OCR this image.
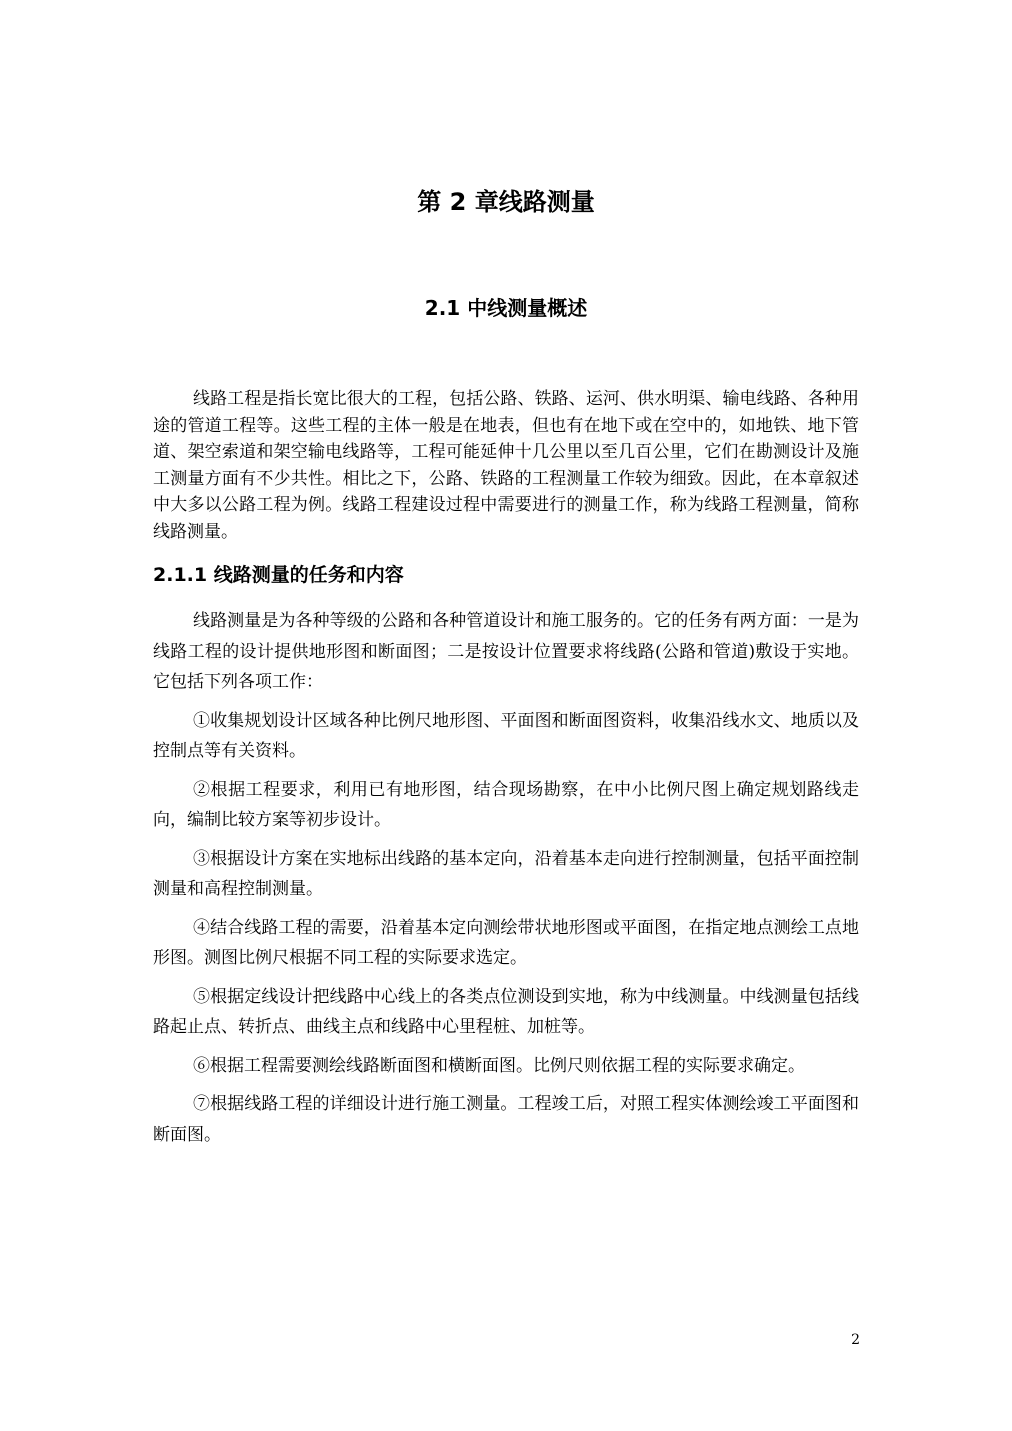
第 2 章线路测量
2.1 中线测量概述

线路工程是指长宽比很大的工程，包括公路、铁路、运河、供水明渠、输电线路、各种用途的管道工程等。这些工程的主体一般是在地表，但也有在地下或在空中的，如地铁、地下管道、架空索道和架空输电线路等，工程可能延伸十几公里以至几百公里，它们在勘测设计及施工测量方面有不少共性。相比之下，公路、铁路的工程测量工作较为细致。因此，在本章叙述中大多以公路工程为例。线路工程建设过程中需要进行的测量工作，称为线路工程测量，简称线路测量。

2.1.1 线路测量的任务和内容

线路测量是为各种等级的公路和各种管道设计和施工服务的。它的任务有两方面：一是为线路工程的设计提供地形图和断面图；二是按设计位置要求将线路(公路和管道)敷设于实地。它包括下列各项工作：

①收集规划设计区域各种比例尺地形图、平面图和断面图资料，收集沿线水文、地质以及控制点等有关资料。

②根据工程要求，利用已有地形图，结合现场勘察，在中小比例尺图上确定规划路线走向，编制比较方案等初步设计。

③根据设计方案在实地标出线路的基本定向，沿着基本走向进行控制测量，包括平面控制测量和高程控制测量。

④结合线路工程的需要，沿着基本定向测绘带状地形图或平面图，在指定地点测绘工点地形图。测图比例尺根据不同工程的实际要求选定。

⑤根据定线设计把线路中心线上的各类点位测设到实地，称为中线测量。中线测量包括线路起止点、转折点、曲线主点和线路中心里程桩、加桩等。

⑥根据工程需要测绘线路断面图和横断面图。比例尺则依据工程的实际要求确定。

⑦根据线路工程的详细设计进行施工测量。工程竣工后，对照工程实体测绘竣工平面图和断面图。

2
